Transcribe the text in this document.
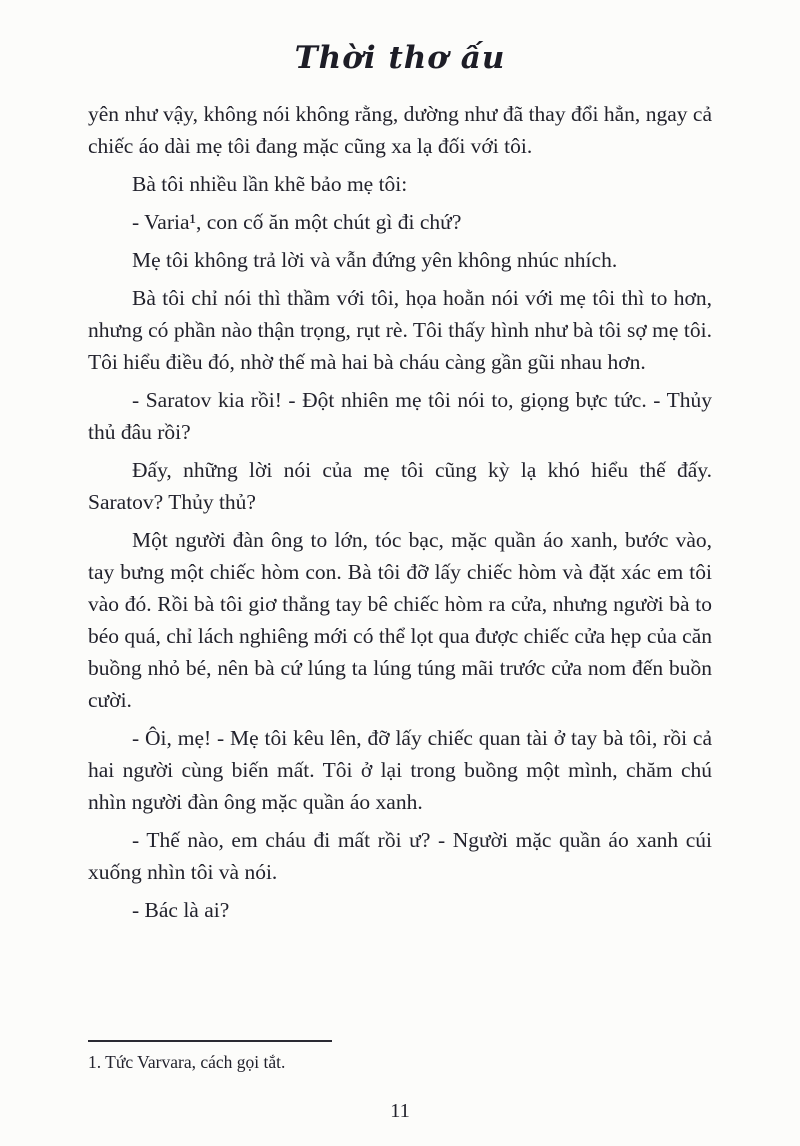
Thời thơ ấu

yên như vậy, không nói không rằng, dường như đã thay đổi hẳn, ngay cả chiếc áo dài mẹ tôi đang mặc cũng xa lạ đối với tôi.

Bà tôi nhiều lần khẽ bảo mẹ tôi:

- Varia¹, con cố ăn một chút gì đi chứ?

Mẹ tôi không trả lời và vẫn đứng yên không nhúc nhích.

Bà tôi chỉ nói thì thầm với tôi, họa hoằn nói với mẹ tôi thì to hơn, nhưng có phần nào thận trọng, rụt rè. Tôi thấy hình như bà tôi sợ mẹ tôi. Tôi hiểu điều đó, nhờ thế mà hai bà cháu càng gần gũi nhau hơn.

- Saratov kia rồi! - Đột nhiên mẹ tôi nói to, giọng bực tức. - Thủy thủ đâu rồi?

Đấy, những lời nói của mẹ tôi cũng kỳ lạ khó hiểu thế đấy. Saratov? Thủy thủ?

Một người đàn ông to lớn, tóc bạc, mặc quần áo xanh, bước vào, tay bưng một chiếc hòm con. Bà tôi đỡ lấy chiếc hòm và đặt xác em tôi vào đó. Rồi bà tôi giơ thẳng tay bê chiếc hòm ra cửa, nhưng người bà to béo quá, chỉ lách nghiêng mới có thể lọt qua được chiếc cửa hẹp của căn buồng nhỏ bé, nên bà cứ lúng ta lúng túng mãi trước cửa nom đến buồn cười.

- Ôi, mẹ! - Mẹ tôi kêu lên, đỡ lấy chiếc quan tài ở tay bà tôi, rồi cả hai người cùng biến mất. Tôi ở lại trong buồng một mình, chăm chú nhìn người đàn ông mặc quần áo xanh.

- Thế nào, em cháu đi mất rồi ư? - Người mặc quần áo xanh cúi xuống nhìn tôi và nói.

- Bác là ai?

1. Tức Varvara, cách gọi tắt.
11
